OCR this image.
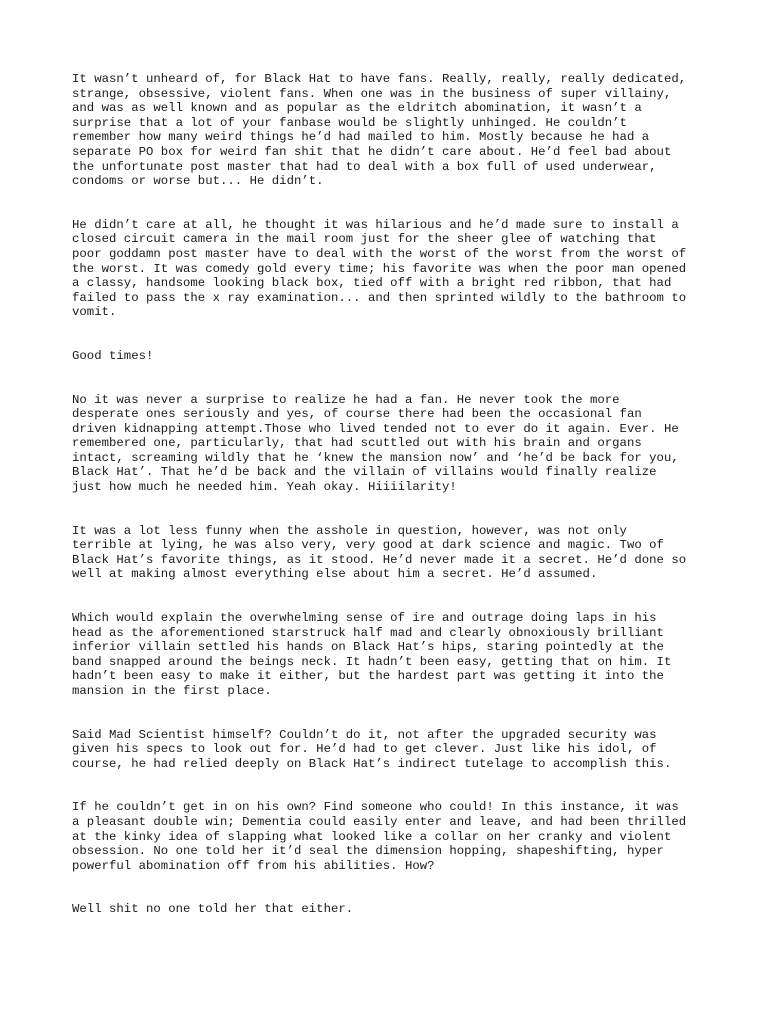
It wasn’t unheard of, for Black Hat to have fans. Really, really, really dedicated,
strange, obsessive, violent fans. When one was in the business of super villainy,
and was as well known and as popular as the eldritch abomination, it wasn’t a
surprise that a lot of your fanbase would be slightly unhinged. He couldn’t
remember how many weird things he’d had mailed to him. Mostly because he had a
separate PO box for weird fan shit that he didn’t care about. He’d feel bad about
the unfortunate post master that had to deal with a box full of used underwear,
condoms or worse but... He didn’t.

He didn’t care at all, he thought it was hilarious and he’d made sure to install a
closed circuit camera in the mail room just for the sheer glee of watching that
poor goddamn post master have to deal with the worst of the worst from the worst of
the worst. It was comedy gold every time; his favorite was when the poor man opened
a classy, handsome looking black box, tied off with a bright red ribbon, that had
failed to pass the x ray examination... and then sprinted wildly to the bathroom to
vomit.

Good times!

No it was never a surprise to realize he had a fan. He never took the more
desperate ones seriously and yes, of course there had been the occasional fan
driven kidnapping attempt.Those who lived tended not to ever do it again. Ever. He
remembered one, particularly, that had scuttled out with his brain and organs
intact, screaming wildly that he ‘knew the mansion now’ and ‘he’d be back for you,
Black Hat’. That he’d be back and the villain of villains would finally realize
just how much he needed him. Yeah okay. Hiiiilarity!

It was a lot less funny when the asshole in question, however, was not only
terrible at lying, he was also very, very good at dark science and magic. Two of
Black Hat’s favorite things, as it stood. He’d never made it a secret. He’d done so
well at making almost everything else about him a secret. He’d assumed.

Which would explain the overwhelming sense of ire and outrage doing laps in his
head as the aforementioned starstruck half mad and clearly obnoxiously brilliant
inferior villain settled his hands on Black Hat’s hips, staring pointedly at the
band snapped around the beings neck. It hadn’t been easy, getting that on him. It
hadn’t been easy to make it either, but the hardest part was getting it into the
mansion in the first place.

Said Mad Scientist himself? Couldn’t do it, not after the upgraded security was
given his specs to look out for. He’d had to get clever. Just like his idol, of
course, he had relied deeply on Black Hat’s indirect tutelage to accomplish this.

If he couldn’t get in on his own? Find someone who could! In this instance, it was
a pleasant double win; Dementia could easily enter and leave, and had been thrilled
at the kinky idea of slapping what looked like a collar on her cranky and violent
obsession. No one told her it’d seal the dimension hopping, shapeshifting, hyper
powerful abomination off from his abilities. How?

Well shit no one told her that either.
